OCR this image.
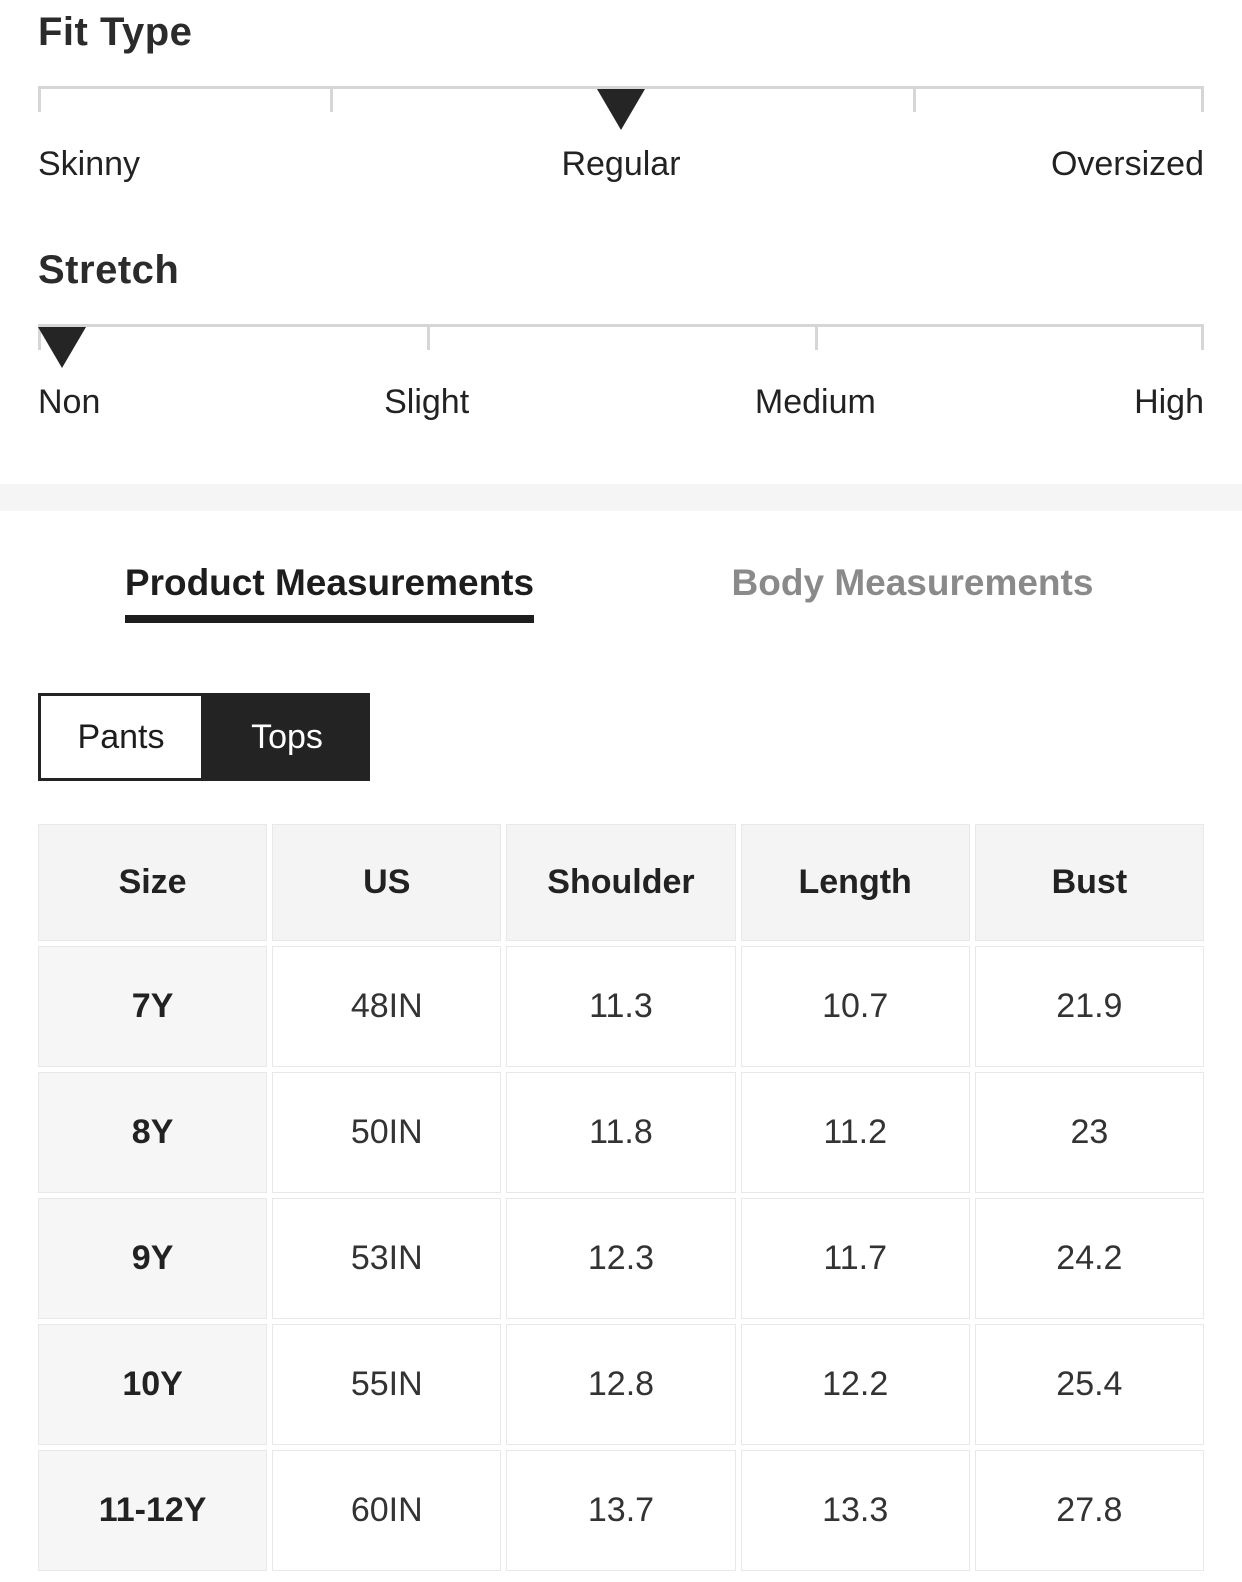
Fit Type
Skinny	Regular	Oversized
Stretch
Non	Slight	Medium	High
Product Measurements	Body Measurements
Pants	Tops
Size	US	Shoulder	Length	Bust
7Y	48IN	11.3	10.7	21.9
8Y	50IN	11.8	11.2	23
9Y	53IN	12.3	11.7	24.2
10Y	55IN	12.8	12.2	25.4
11-12Y	60IN	13.7	13.3	27.8
